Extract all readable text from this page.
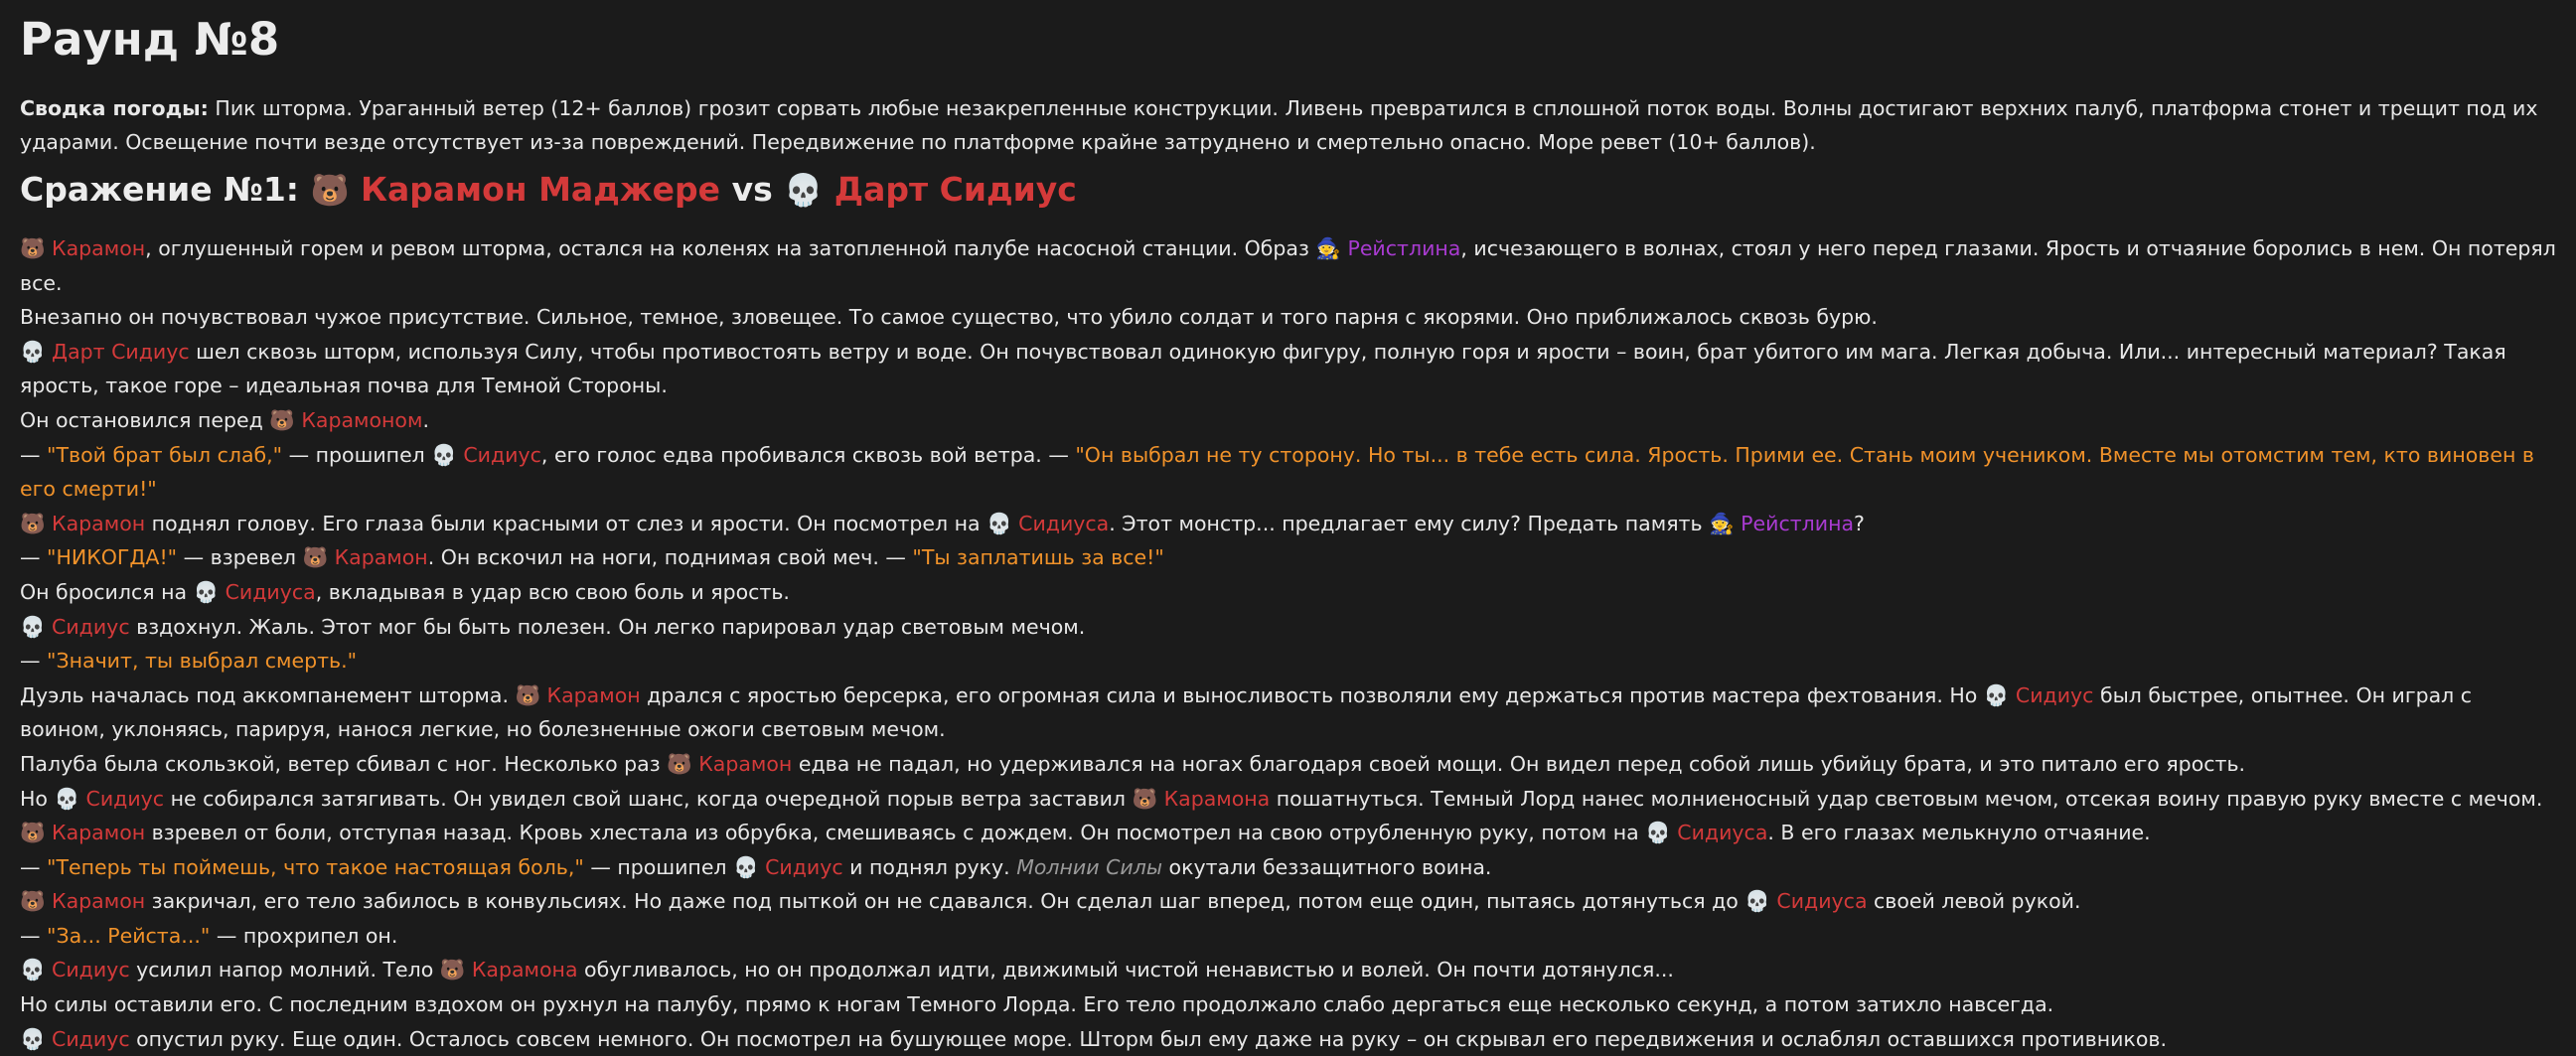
Раунд №8

Сводка погоды: Пик шторма. Ураганный ветер (12+ баллов) грозит сорвать любые незакрепленные конструкции. Ливень превратился в сплошной поток воды. Волны достигают верхних палуб, платформа стонет и трещит под их ударами. Освещение почти везде отсутствует из-за повреждений. Передвижение по платформе крайне затруднено и смертельно опасно. Море ревет (10+ баллов).

Сражение №1: 🐻 Карамон Маджере vs 💀 Дарт Сидиус

🐻 Карамон, оглушенный горем и ревом шторма, остался на коленях на затопленной палубе насосной станции. Образ 🧙 Рейстлина, исчезающего в волнах, стоял у него перед глазами. Ярость и отчаяние боролись в нем. Он потерял все.

Внезапно он почувствовал чужое присутствие. Сильное, темное, зловещее. То самое существо, что убило солдат и того парня с якорями. Оно приближалось сквозь бурю.

💀 Дарт Сидиус шел сквозь шторм, используя Силу, чтобы противостоять ветру и воде. Он почувствовал одинокую фигуру, полную горя и ярости – воин, брат убитого им мага. Легкая добыча. Или... интересный материал? Такая ярость, такое горе – идеальная почва для Темной Стороны.

Он остановился перед 🐻 Карамоном.

— "Твой брат был слаб," — прошипел 💀 Сидиус, его голос едва пробивался сквозь вой ветра. — "Он выбрал не ту сторону. Но ты... в тебе есть сила. Ярость. Прими ее. Стань моим учеником. Вместе мы отомстим тем, кто виновен в его смерти!"

🐻 Карамон поднял голову. Его глаза были красными от слез и ярости. Он посмотрел на 💀 Сидиуса. Этот монстр... предлагает ему силу? Предать память 🧙 Рейстлина?

— "НИКОГДА!" — взревел 🐻 Карамон. Он вскочил на ноги, поднимая свой меч. — "Ты заплатишь за все!"

Он бросился на 💀 Сидиуса, вкладывая в удар всю свою боль и ярость.

💀 Сидиус вздохнул. Жаль. Этот мог бы быть полезен. Он легко парировал удар световым мечом.

— "Значит, ты выбрал смерть."

Дуэль началась под аккомпанемент шторма. 🐻 Карамон дрался с яростью берсерка, его огромная сила и выносливость позволяли ему держаться против мастера фехтования. Но 💀 Сидиус был быстрее, опытнее. Он играл с воином, уклоняясь, парируя, нанося легкие, но болезненные ожоги световым мечом.

Палуба была скользкой, ветер сбивал с ног. Несколько раз 🐻 Карамон едва не падал, но удерживался на ногах благодаря своей мощи. Он видел перед собой лишь убийцу брата, и это питало его ярость.

Но 💀 Сидиус не собирался затягивать. Он увидел свой шанс, когда очередной порыв ветра заставил 🐻 Карамона пошатнуться. Темный Лорд нанес молниеносный удар световым мечом, отсекая воину правую руку вместе с мечом.

🐻 Карамон взревел от боли, отступая назад. Кровь хлестала из обрубка, смешиваясь с дождем. Он посмотрел на свою отрубленную руку, потом на 💀 Сидиуса. В его глазах мелькнуло отчаяние.

— "Теперь ты поймешь, что такое настоящая боль," — прошипел 💀 Сидиус и поднял руку. Молнии Силы окутали беззащитного воина.

🐻 Карамон закричал, его тело забилось в конвульсиях. Но даже под пыткой он не сдавался. Он сделал шаг вперед, потом еще один, пытаясь дотянуться до 💀 Сидиуса своей левой рукой.

— "За... Рейста..." — прохрипел он.

💀 Сидиус усилил напор молний. Тело 🐻 Карамона обугливалось, но он продолжал идти, движимый чистой ненавистью и волей. Он почти дотянулся...

Но силы оставили его. С последним вздохом он рухнул на палубу, прямо к ногам Темного Лорда. Его тело продолжало слабо дергаться еще несколько секунд, а потом затихло навсегда.

💀 Сидиус опустил руку. Еще один. Осталось совсем немного. Он посмотрел на бушующее море. Шторм был ему даже на руку – он скрывал его передвижения и ослаблял оставшихся противников.
